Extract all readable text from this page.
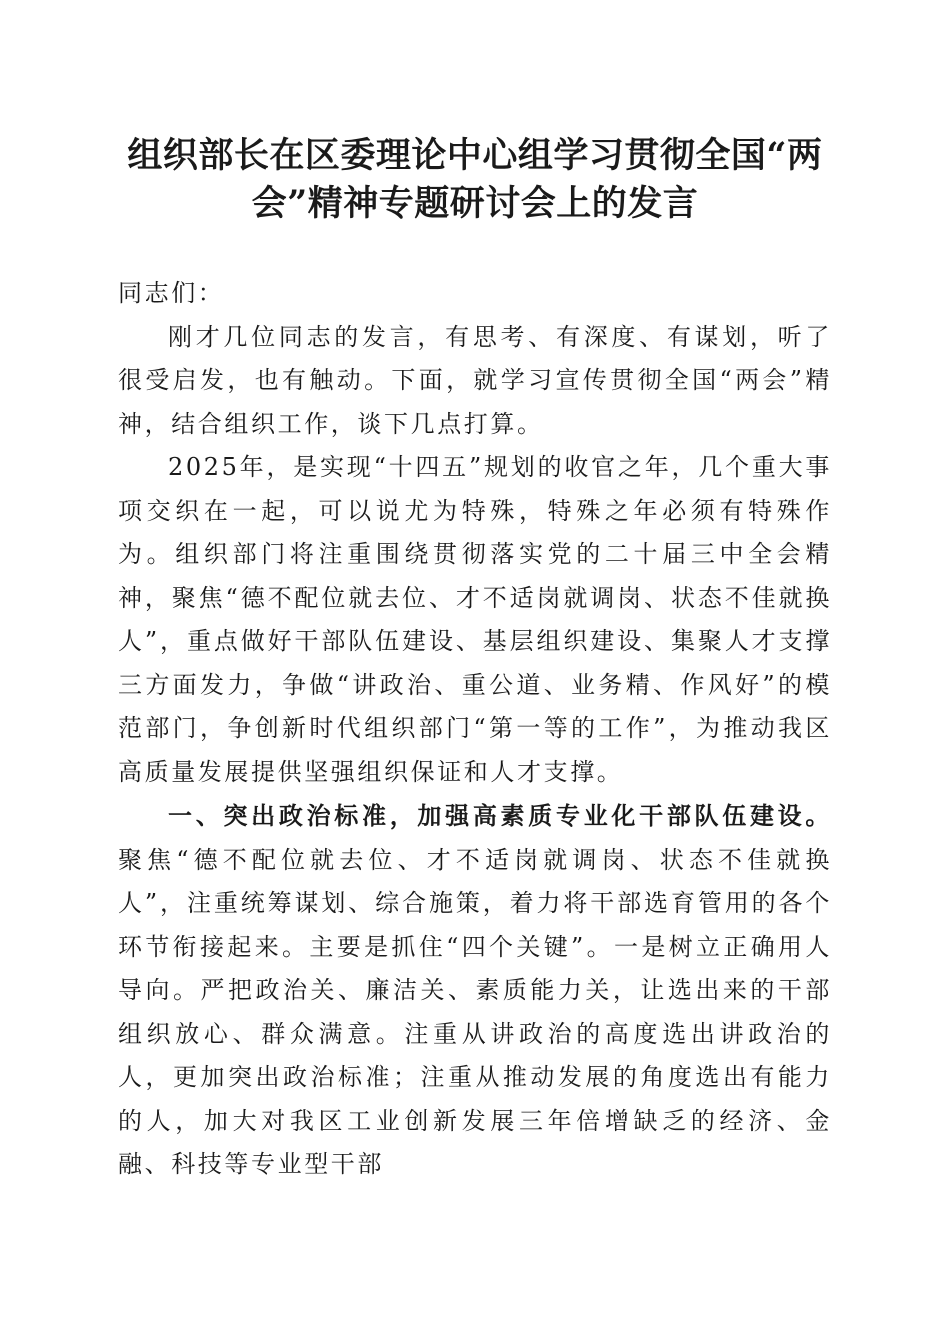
组织部长在区委理论中心组学习贯彻全国“两
会”精神专题研讨会上的发言

同志们：

刚才几位同志的发言，有思考、有深度、有谋划，听了很受启发，也有触动。下面，就学习宣传贯彻全国“两会”精神，结合组织工作，谈下几点打算。

2025年，是实现“十四五”规划的收官之年，几个重大事项交织在一起，可以说尤为特殊，特殊之年必须有特殊作为。组织部门将注重围绕贯彻落实党的二十届三中全会精神，聚焦“德不配位就去位、才不适岗就调岗、状态不佳就换人”，重点做好干部队伍建设、基层组织建设、集聚人才支撑三方面发力，争做“讲政治、重公道、业务精、作风好”的模范部门，争创新时代组织部门“第一等的工作”，为推动我区高质量发展提供坚强组织保证和人才支撑。

一、突出政治标准，加强高素质专业化干部队伍建设。聚焦“德不配位就去位、才不适岗就调岗、状态不佳就换人”，注重统筹谋划、综合施策，着力将干部选育管用的各个环节衔接起来。主要是抓住“四个关键”。一是树立正确用人导向。严把政治关、廉洁关、素质能力关，让选出来的干部组织放心、群众满意。注重从讲政治的高度选出讲政治的人，更加突出政治标准；注重从推动发展的角度选出有能力的人，加大对我区工业创新发展三年倍增缺乏的经济、金融、科技等专业型干部
